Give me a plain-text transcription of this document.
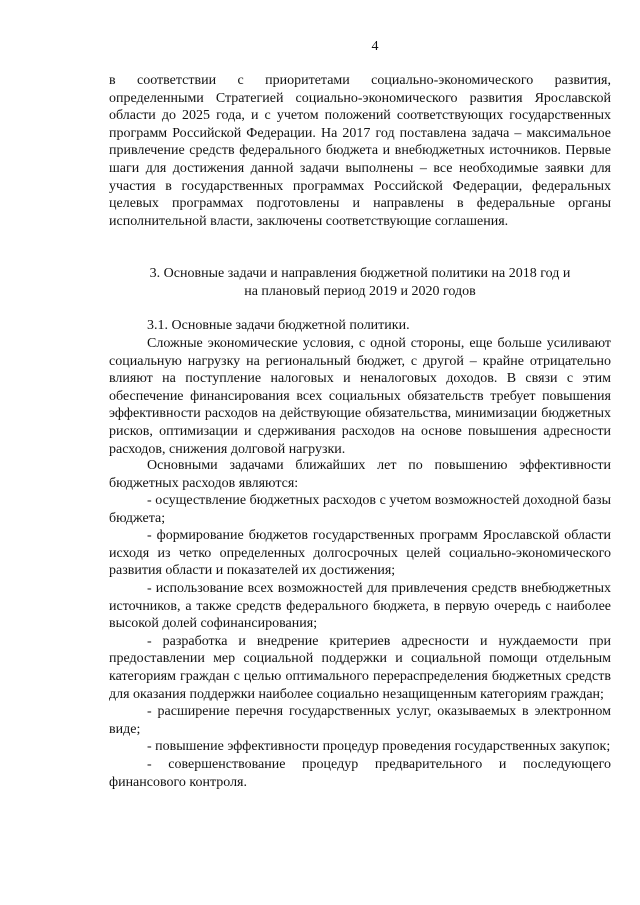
4

в соответствии с приоритетами социально-экономического развития, определенными Стратегией социально-экономического развития Ярославской области до 2025 года, и с учетом положений соответствующих государственных программ Российской Федерации. На 2017 год поставлена задача – максимальное привлечение средств федерального бюджета и внебюджетных источников. Первые шаги для достижения данной задачи выполнены – все необходимые заявки для участия в государственных программах Российской Федерации, федеральных целевых программах подготовлены и направлены в федеральные органы исполнительной власти, заключены соответствующие соглашения.

3. Основные задачи и направления бюджетной политики на 2018 год и

на плановый период 2019 и 2020 годов

3.1. Основные задачи бюджетной политики.

Сложные экономические условия, с одной стороны, еще больше усиливают социальную нагрузку на региональный бюджет, с другой – крайне отрицательно влияют на поступление налоговых и неналоговых доходов. В связи с этим обеспечение финансирования всех социальных обязательств требует повышения эффективности расходов на действующие обязательства, минимизации бюджетных рисков, оптимизации и сдерживания расходов на основе повышения адресности расходов, снижения долговой нагрузки.

Основными задачами ближайших лет по повышению эффективности бюджетных расходов являются:

- осуществление бюджетных расходов с учетом возможностей доходной базы бюджета;

- формирование бюджетов государственных программ Ярославской области исходя из четко определенных долгосрочных целей социально-экономического развития области и показателей их достижения;

- использование всех возможностей для привлечения средств внебюджетных источников, а также средств федерального бюджета, в первую очередь с наиболее высокой долей софинансирования;

- разработка и внедрение критериев адресности и нуждаемости при предоставлении мер социальной поддержки и социальной помощи отдельным категориям граждан с целью оптимального перераспределения бюджетных средств для оказания поддержки наиболее социально незащищенным категориям граждан;

- расширение перечня государственных услуг, оказываемых в электронном виде;

- повышение эффективности процедур проведения государственных закупок;

- совершенствование процедур предварительного и последующего финансового контроля.
